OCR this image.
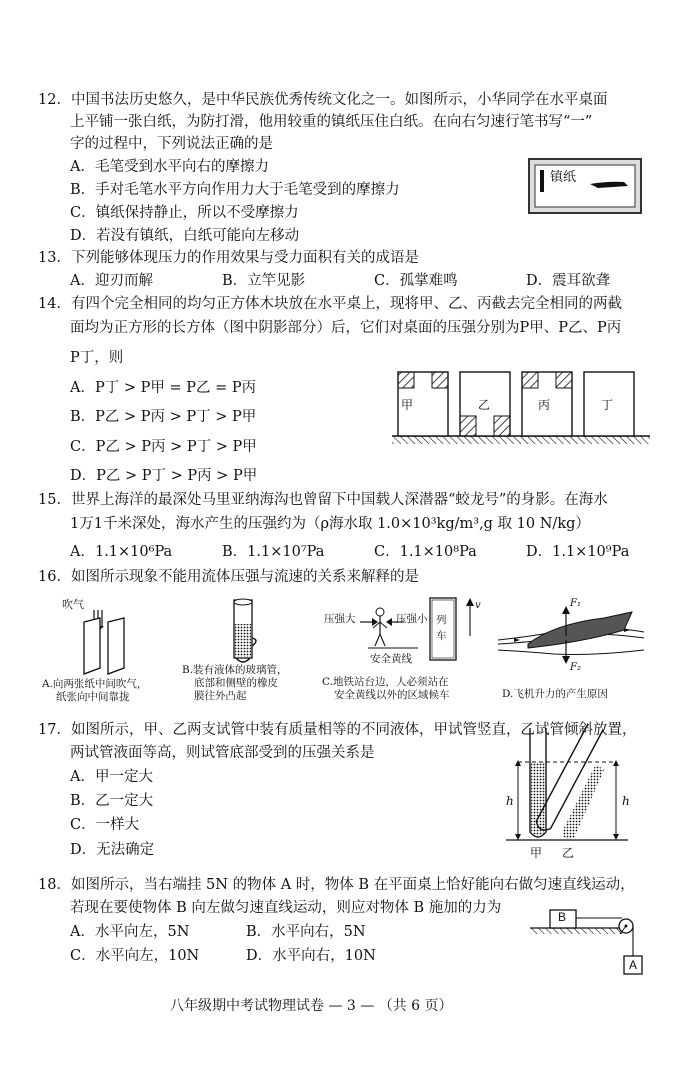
12．中国书法历史悠久，是中华民族优秀传统文化之一。如图所示，小华同学在水平桌面
上平铺一张白纸，为防打滑，他用较重的镇纸压住白纸。在向右匀速行笔书写“一”
字的过程中，下列说法正确的是
A．毛笔受到水平向右的摩擦力
B．手对毛笔水平方向作用力大于毛笔受到的摩擦力
C．镇纸保持静止，所以不受摩擦力
D．若没有镇纸，白纸可能向左移动
镇纸
13．下列能够体现压力的作用效果与受力面积有关的成语是
A．迎刃而解	B．立竿见影	C．孤掌难鸣	D．震耳欲聋
14．有四个完全相同的均匀正方体木块放在水平桌上，现将甲、乙、丙截去完全相同的两截
面均为正方形的长方体（图中阴影部分）后，它们对桌面的压强分别为P甲、P乙、P丙
P丁，则
A．P丁 > P甲 = P乙 = P丙
B．P乙 > P丙 > P丁 > P甲
C．P乙 > P丙 > P丁 > P甲
D．P乙 > P丁 > P丙 > P甲
甲	乙	丙	丁
15．世界上海洋的最深处马里亚纳海沟也曾留下中国载人深潜器“蛟龙号”的身影。在海水
1万1千米深处，海水产生的压强约为（ρ海水取 1.0×10³kg/m³,g 取 10 N/kg）
A．1.1×10⁶Pa	B．1.1×10⁷Pa	C．1.1×10⁸Pa	D．1.1×10⁹Pa
16．如图所示现象不能用流体压强与流速的关系来解释的是
吹气
A.向两张纸中间吹气，
纸张向中间靠拢
B.装有液体的玻璃管，
底部和侧壁的橡皮
膜往外凸起
压强大	压强小 列
车
v
安全黄线
C.地铁站台边，人必须站在
安全黄线以外的区域候车
F₁
F₂
D.飞机升力的产生原因
17．如图所示，甲、乙两支试管中装有质量相等的不同液体，甲试管竖直，乙试管倾斜放置，
两试管液面等高，则试管底部受到的压强关系是
A．甲一定大
B．乙一定大
C．一样大
D．无法确定
h	h
甲 乙
18．如图所示，当右端挂 5N 的物体 A 时，物体 B 在平面桌上恰好能向右做匀速直线运动，
若现在要使物体 B 向左做匀速直线运动，则应对物体 B 施加的力为
A．水平向左，5N	B．水平向右，5N
C．水平向左，10N	D．水平向右，10N
B
A
八年级期中考试物理试卷 — 3 — （共 6 页）
